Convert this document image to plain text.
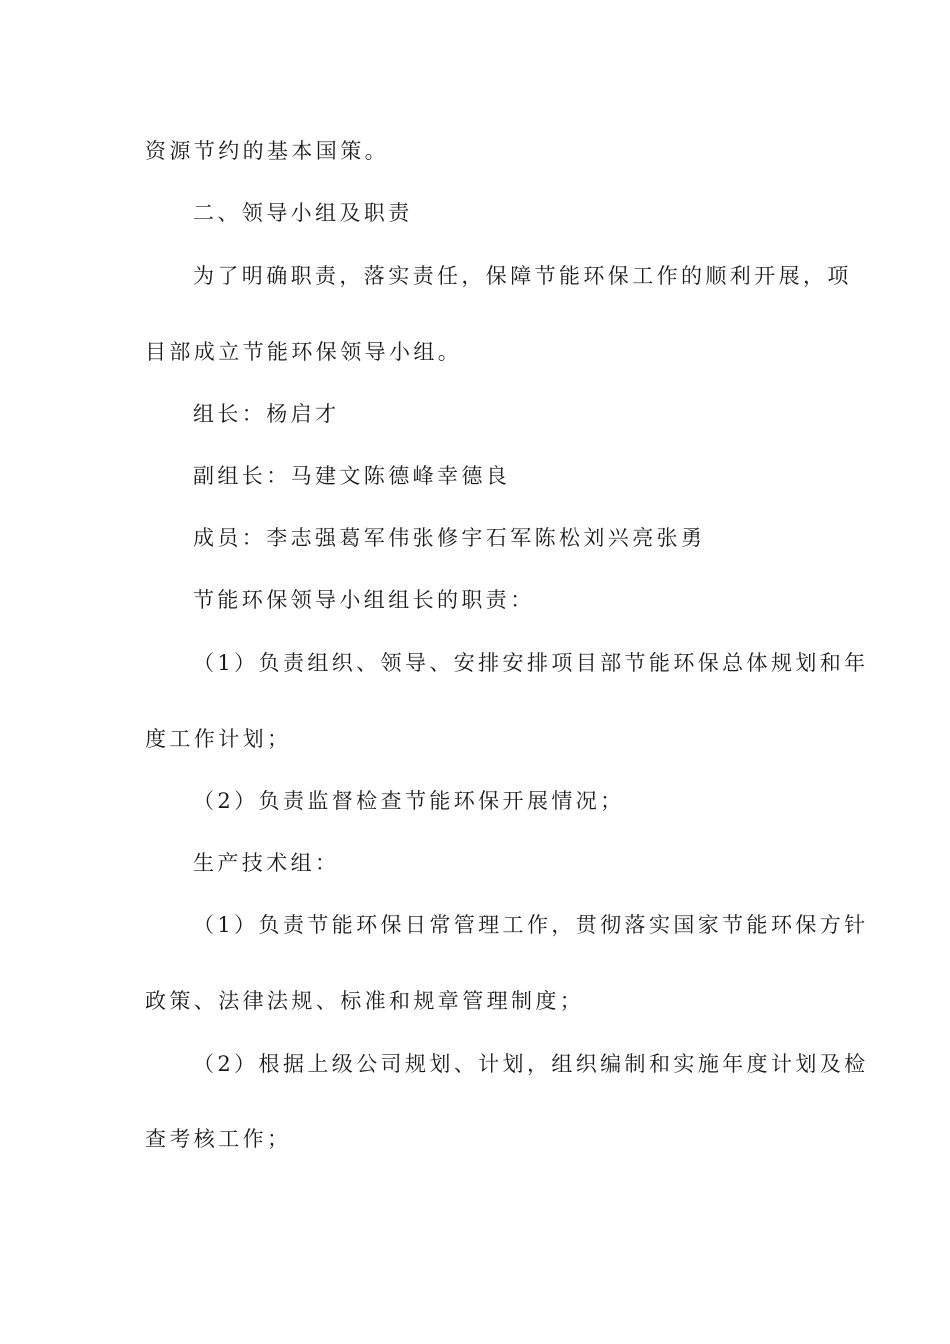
资源节约的基本国策。
二、领导小组及职责
为了明确职责，落实责任，保障节能环保工作的顺利开展，项
目部成立节能环保领导小组。
组长：杨启才
副组长：马建文陈德峰幸德良
成员：李志强葛军伟张修宇石军陈松刘兴亮张勇
节能环保领导小组组长的职责：
（1）负责组织、领导、安排安排项目部节能环保总体规划和年
度工作计划；
（2）负责监督检查节能环保开展情况；
生产技术组：
（1）负责节能环保日常管理工作，贯彻落实国家节能环保方针
政策、法律法规、标准和规章管理制度；
（2）根据上级公司规划、计划，组织编制和实施年度计划及检
查考核工作；
